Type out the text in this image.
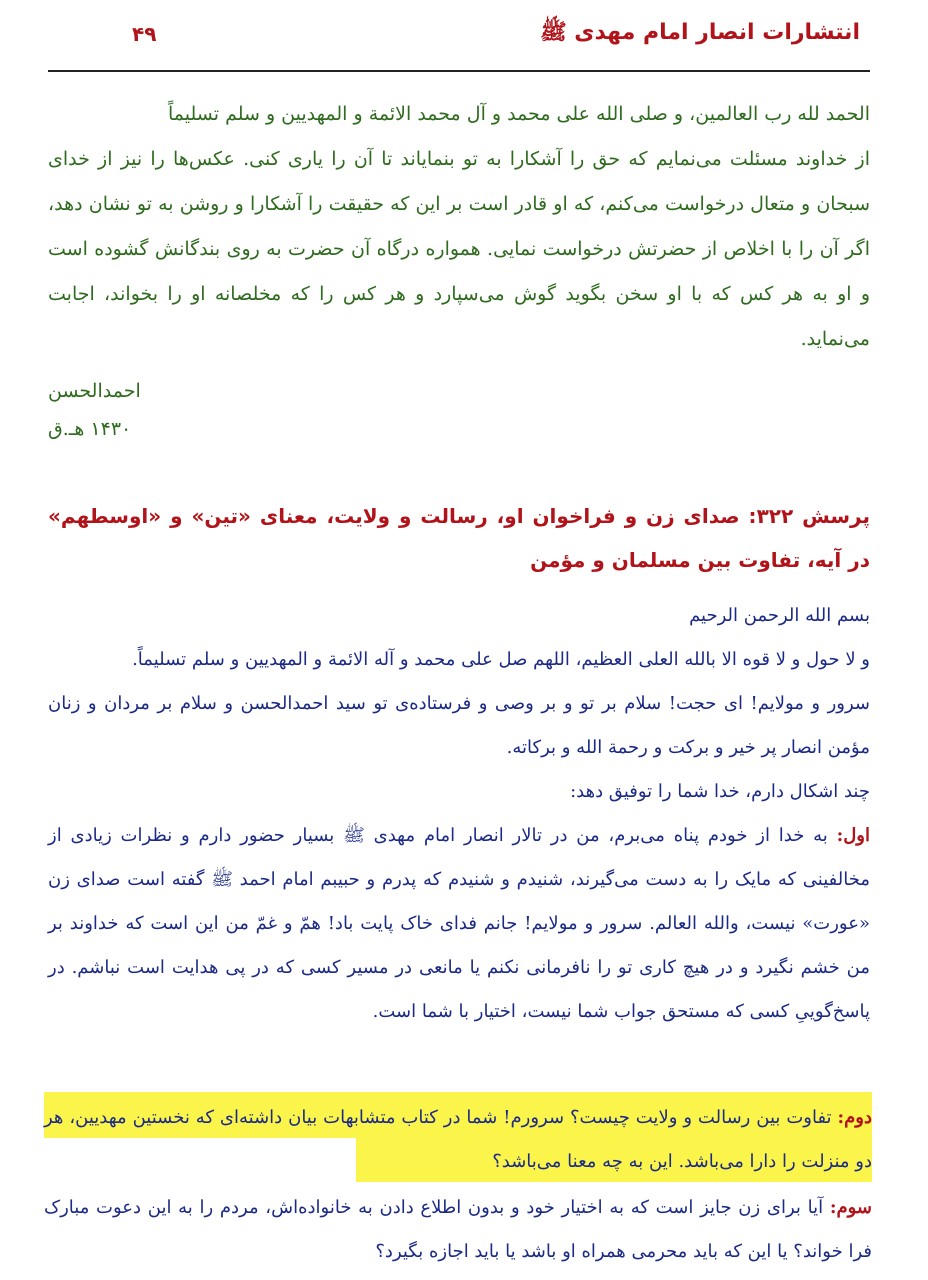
انتشارات انصار امام مهدی ﷺ
۴۹

الحمد لله رب العالمین، و صلی الله علی محمد و آل محمد الائمة و المهدیین و سلم تسلیماً

از خداوند مسئلت می‌نمایم که حق را آشکارا به تو بنمایاند تا آن را یاری کنی. عکس‌ها را نیز از خدای سبحان و متعال درخواست می‌کنم، که او قادر است بر این که حقیقت را آشکارا و روشن به تو نشان دهد، اگر آن را با اخلاص از حضرتش درخواست نمایی. همواره درگاه آن حضرت به روی بندگانش گشوده است و او به هر کس که با او سخن بگوید گوش می‌سپارد و هر کس را که مخلصانه او را بخواند، اجابت می‌نماید.

احمدالحسن
۱۴۳۰ هـ.ق
پرسش ۳۲۲: صدای زن و فراخوان او، رسالت و ولایت، معنای «تین» و «اوسطهم» در آیه، تفاوت بین مسلمان و مؤمن

بسم الله الرحمن الرحیم

و لا حول و لا قوه الا بالله العلی العظیم، اللهم صل علی محمد و آله الائمة و المهدیین و سلم تسلیماً.

سرور و مولایم! ای حجت! سلام بر تو و بر وصی و فرستاده‌ی تو سید احمدالحسن و سلام بر مردان و زنان مؤمن انصار پر خیر و برکت و رحمة الله و برکاته.

چند اشکال دارم، خدا شما را توفیق دهد:

اول: به خدا از خودم پناه می‌برم، من در تالار انصار امام مهدی ﷺ بسیار حضور دارم و نظرات زیادی از مخالفینی که مایک را به دست می‌گیرند، شنیدم و شنیدم که پدرم و حبیبم امام احمد ﷺ گفته است صدای زن «عورت» نیست، والله العالم. سرور و مولایم! جانم فدای خاک پایت باد! همّ و غمّ من این است که خداوند بر من خشم نگیرد و در هیچ کاری تو را نافرمانی نکنم یا مانعی در مسیر کسی که در پی هدایت است نباشم. در پاسخ‌گوییِ کسی که مستحق جواب شما نیست، اختیار با شما است.

دوم: تفاوت بین رسالت و ولایت چیست؟ سرورم! شما در کتاب متشابهات بیان داشته‌ای که نخستین مهدیین، هر دو منزلت را دارا می‌باشد. این به چه معنا می‌باشد؟
سوم: آیا برای زن جایز است که به اختیار خود و بدون اطلاع دادن به خانواده‌اش، مردم را به این دعوت مبارک فرا خواند؟ یا این که باید محرمی همراه او باشد یا باید اجازه بگیرد؟
